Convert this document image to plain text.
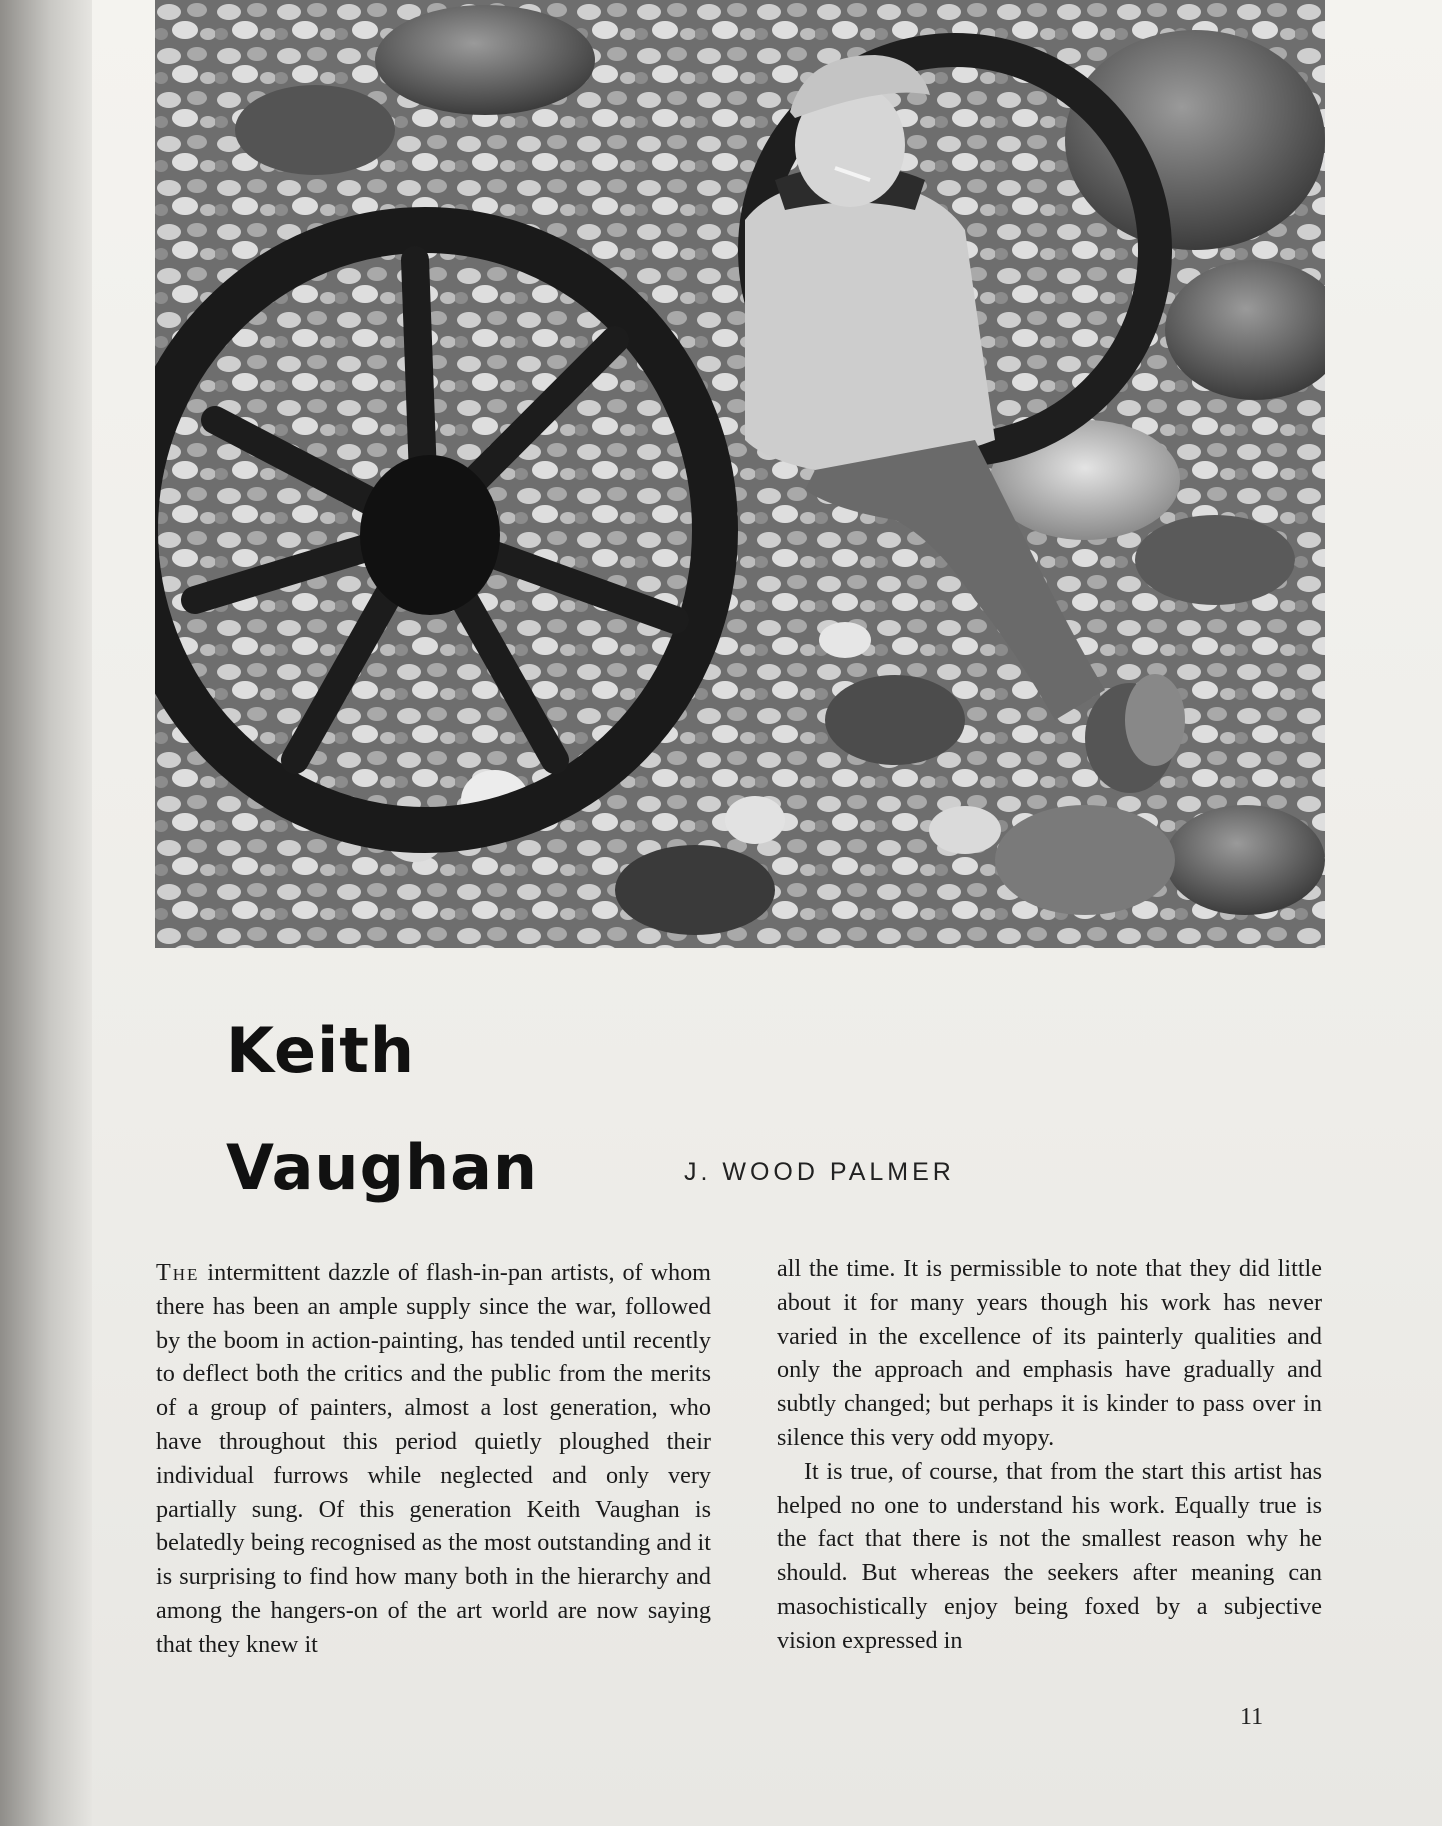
Keith
Vaughan	J. WOOD PALMER

The intermittent dazzle of flash-in-pan artists, of whom there has been an ample supply since the war, followed by the boom in action-painting, has tended until recently to deflect both the critics and the public from the merits of a group of painters, almost a lost generation, who have throughout this period quietly ploughed their individual furrows while neglected and only very partially sung. Of this generation Keith Vaughan is belatedly being recognised as the most outstanding and it is surprising to find how many both in the hierarchy and among the hangers-on of the art world are now saying that they knew it

all the time. It is permissible to note that they did little about it for many years though his work has never varied in the excellence of its painterly qualities and only the approach and emphasis have gradually and subtly changed; but perhaps it is kinder to pass over in silence this very odd myopy.

It is true, of course, that from the start this artist has helped no one to understand his work. Equally true is the fact that there is not the smallest reason why he should. But whereas the seekers after meaning can masochistically enjoy being foxed by a subjective vision expressed in

11
